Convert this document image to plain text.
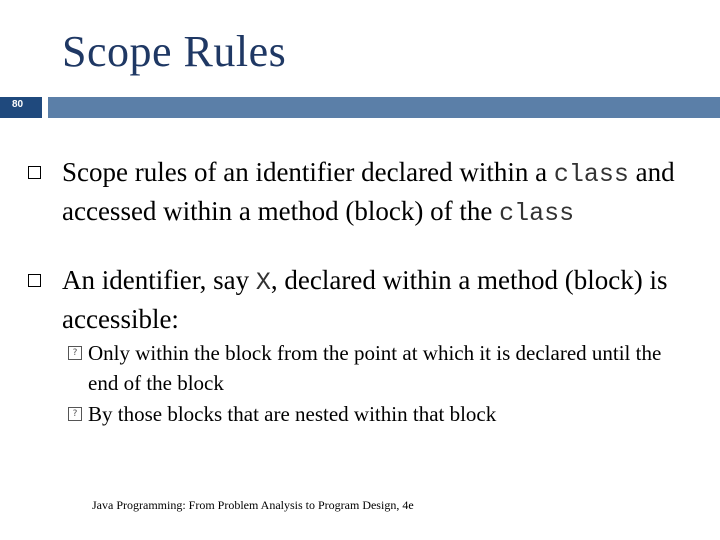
Scope Rules
80
Scope rules of an identifier declared within a class and accessed within a method (block) of the class
An identifier, say X, declared within a method (block) is accessible:
? Only within the block from the point at which it is declared until the end of the block
? By those blocks that are nested within that block
Java Programming: From Problem Analysis to Program Design, 4e
